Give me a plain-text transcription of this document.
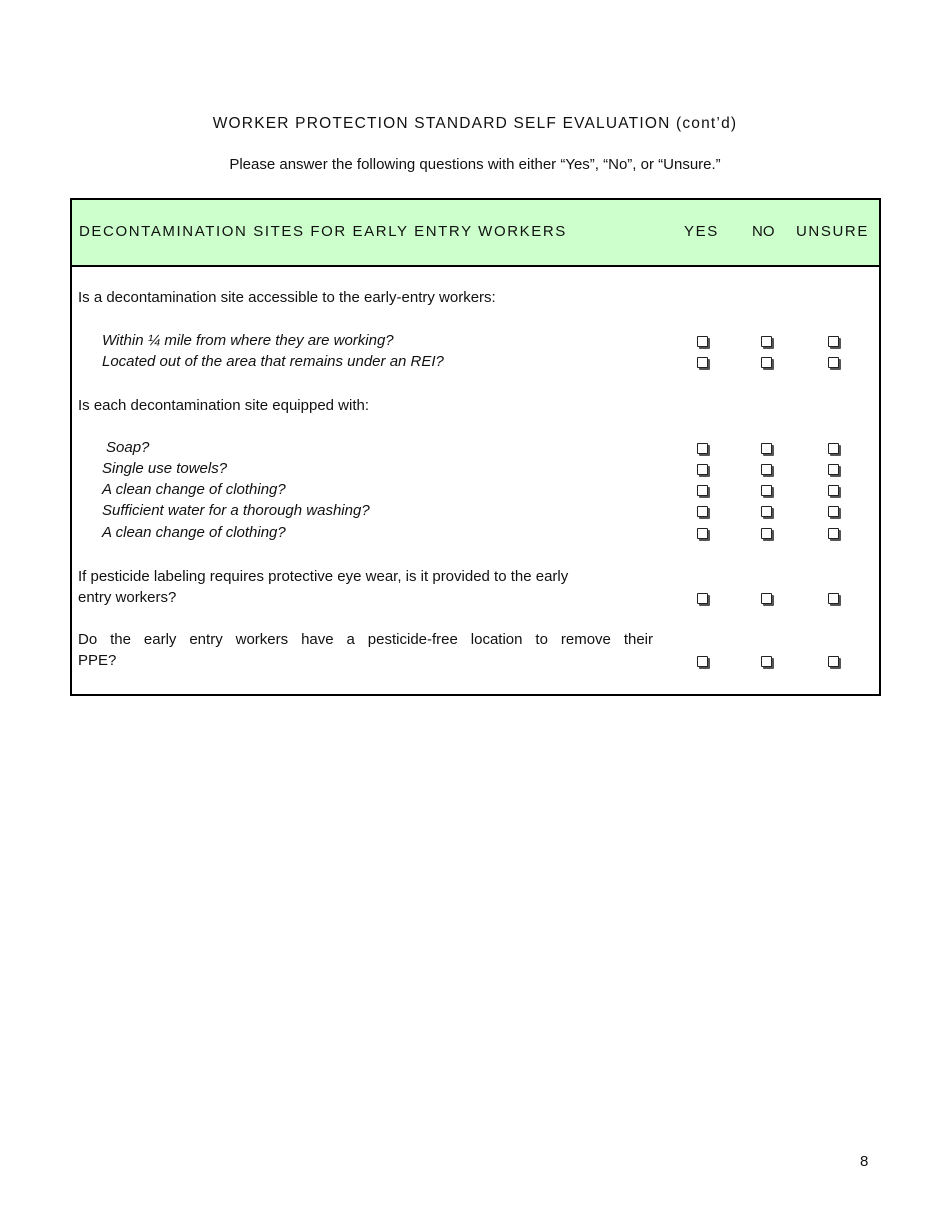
WORKER PROTECTION STANDARD SELF EVALUATION (cont’d)
Please answer the following questions with either “Yes”, “No”, or “Unsure.”
DECONTAMINATION SITES FOR EARLY ENTRY WORKERS	YES NO UNSURE
Is a decontamination site accessible to the early-entry workers:
Within ¼ mile from where they are working?
Located out of the area that remains under an REI?
Is each decontamination site equipped with:
Soap?
Single use towels?
A clean change of clothing?
Sufficient water for a thorough washing?
A clean change of clothing?
If pesticide labeling requires protective eye wear, is it provided to the early
entry workers?
Do the early entry workers have a pesticide-free location to remove their
PPE?
8
